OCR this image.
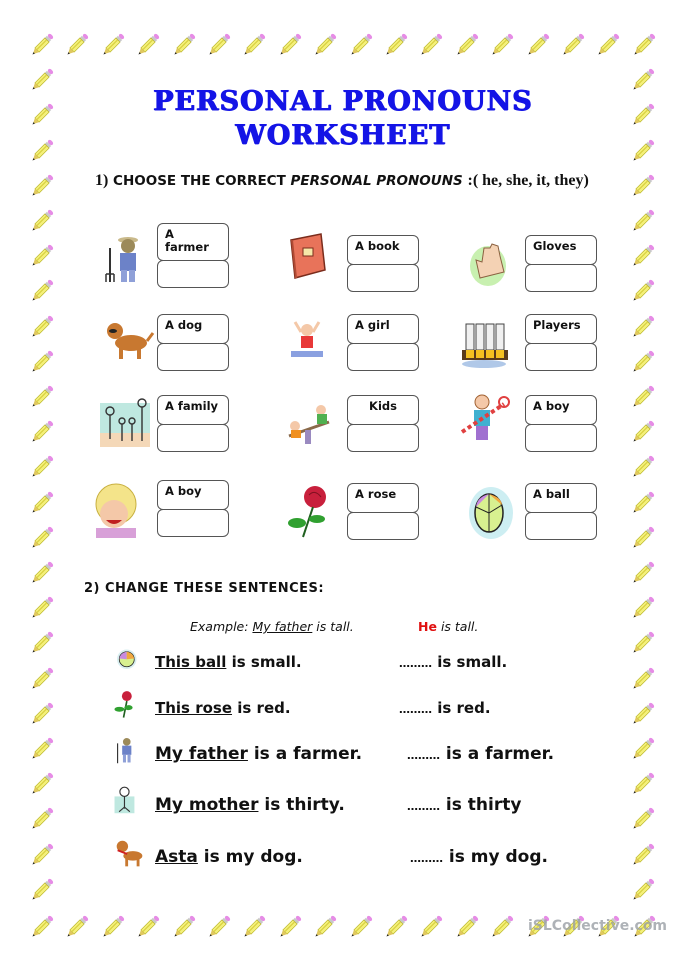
PERSONAL PRONOUNS
WORKSHEET
1) CHOOSE THE CORRECT PERSONAL PRONOUNS :( he, she, it, they)
A farmer	A book	Gloves
A dog	A girl	Players
A family	Kids	A boy
A boy	A rose	A ball
2) CHANGE THESE SENTENCES:
Example: My father is tall.	He is tall.
This ball is small.	……… is small.
This rose is red.	……… is red.
My father is a farmer.	……… is a farmer.
My mother is thirty.	……… is thirty
Asta is my dog.	……… is my dog.
iSLCollective.com
